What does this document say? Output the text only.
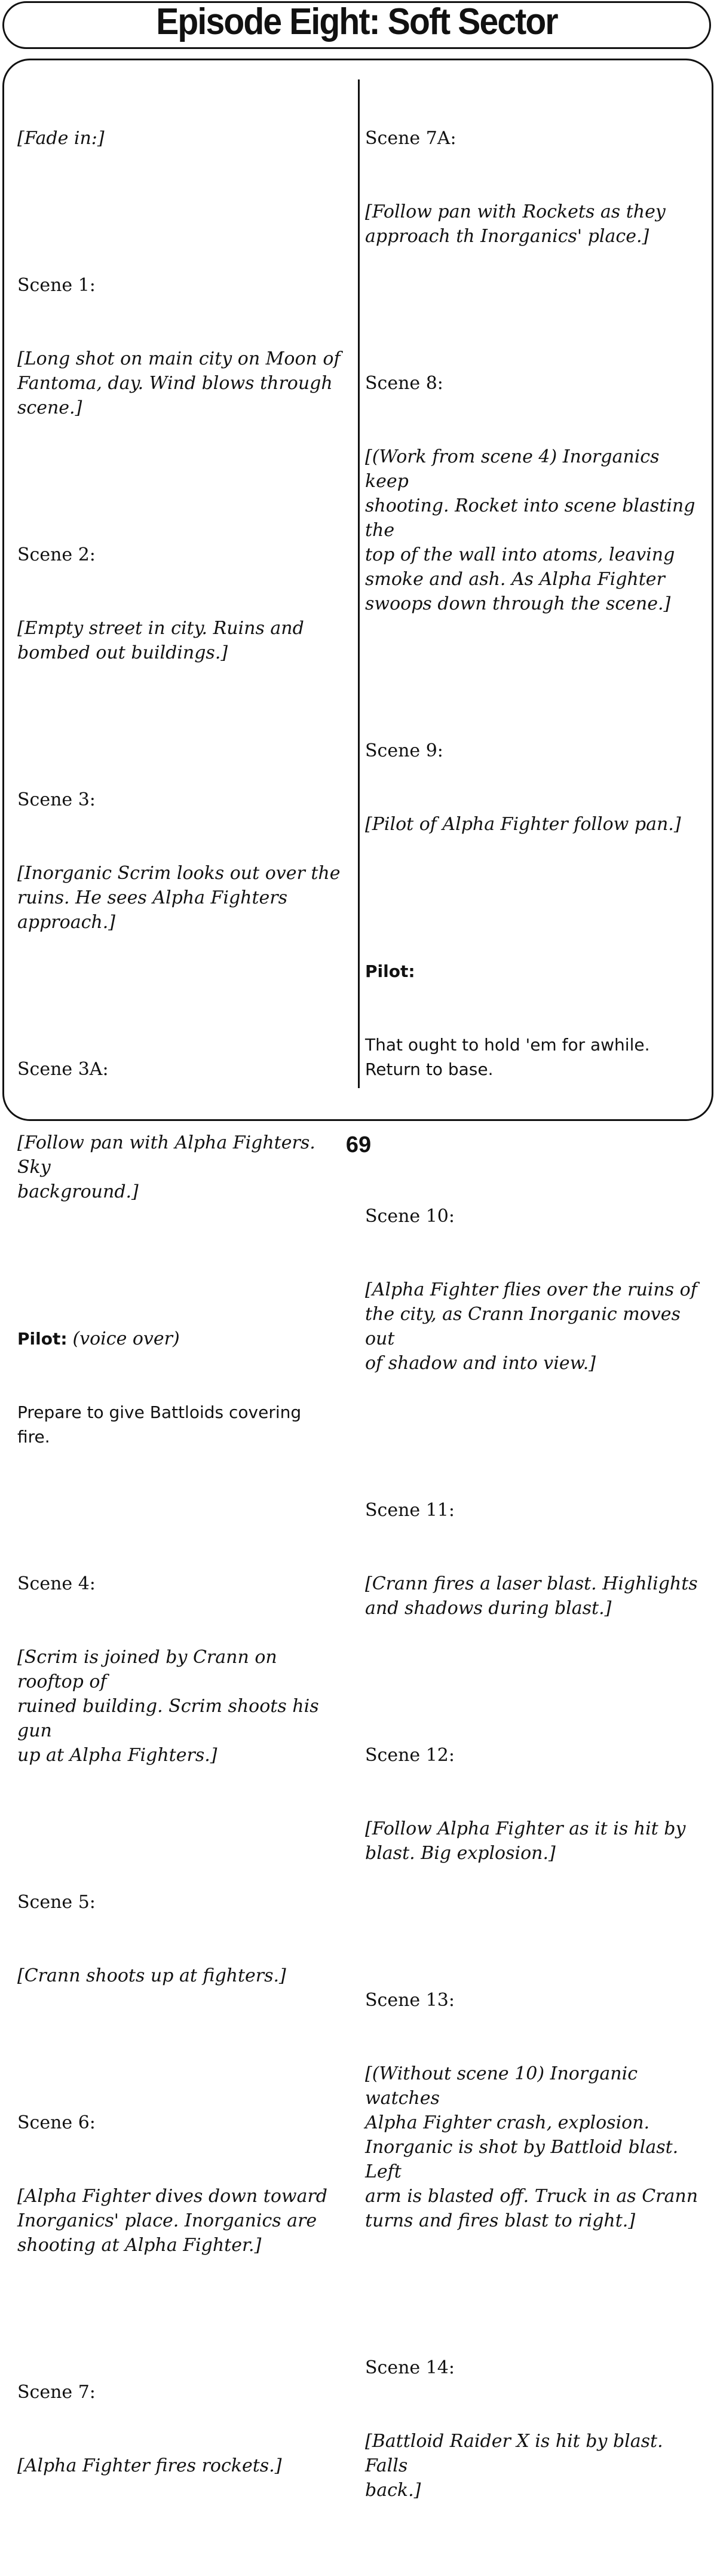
Episode Eight: Soft Sector

[Fade in:]

Scene 1:

[Long shot on main city on Moon of
Fantoma, day. Wind blows through
scene.]

Scene 2:

[Empty street in city. Ruins and
bombed out buildings.]

Scene 3:

[Inorganic Scrim looks out over the
ruins. He sees Alpha Fighters
approach.]

Scene 3A:

[Follow pan with Alpha Fighters. Sky
background.]

Pilot: (voice over)

Prepare to give Battloids covering
fire.

Scene 4:

[Scrim is joined by Crann on rooftop of
ruined building. Scrim shoots his gun
up at Alpha Fighters.]

Scene 5:

[Crann shoots up at fighters.]

Scene 6:

[Alpha Fighter dives down toward
Inorganics' place. Inorganics are
shooting at Alpha Fighter.]

Scene 7:

[Alpha Fighter fires rockets.]

Scene 7A:

[Follow pan with Rockets as they
approach th Inorganics' place.]

Scene 8:

[(Work from scene 4) Inorganics keep
shooting. Rocket into scene blasting the
top of the wall into atoms, leaving
smoke and ash. As Alpha Fighter
swoops down through the scene.]

Scene 9:

[Pilot of Alpha Fighter follow pan.]

Pilot:

That ought to hold 'em for awhile.
Return to base.

Scene 10:

[Alpha Fighter flies over the ruins of
the city, as Crann Inorganic moves out
of shadow and into view.]

Scene 11:

[Crann fires a laser blast. Highlights
and shadows during blast.]

Scene 12:

[Follow Alpha Fighter as it is hit by
blast. Big explosion.]

Scene 13:

[(Without scene 10) Inorganic watches
Alpha Fighter crash, explosion.
Inorganic is shot by Battloid blast. Left
arm is blasted off. Truck in as Crann
turns and fires blast to right.]

Scene 14:

[Battloid Raider X is hit by blast. Falls
back.]

69
